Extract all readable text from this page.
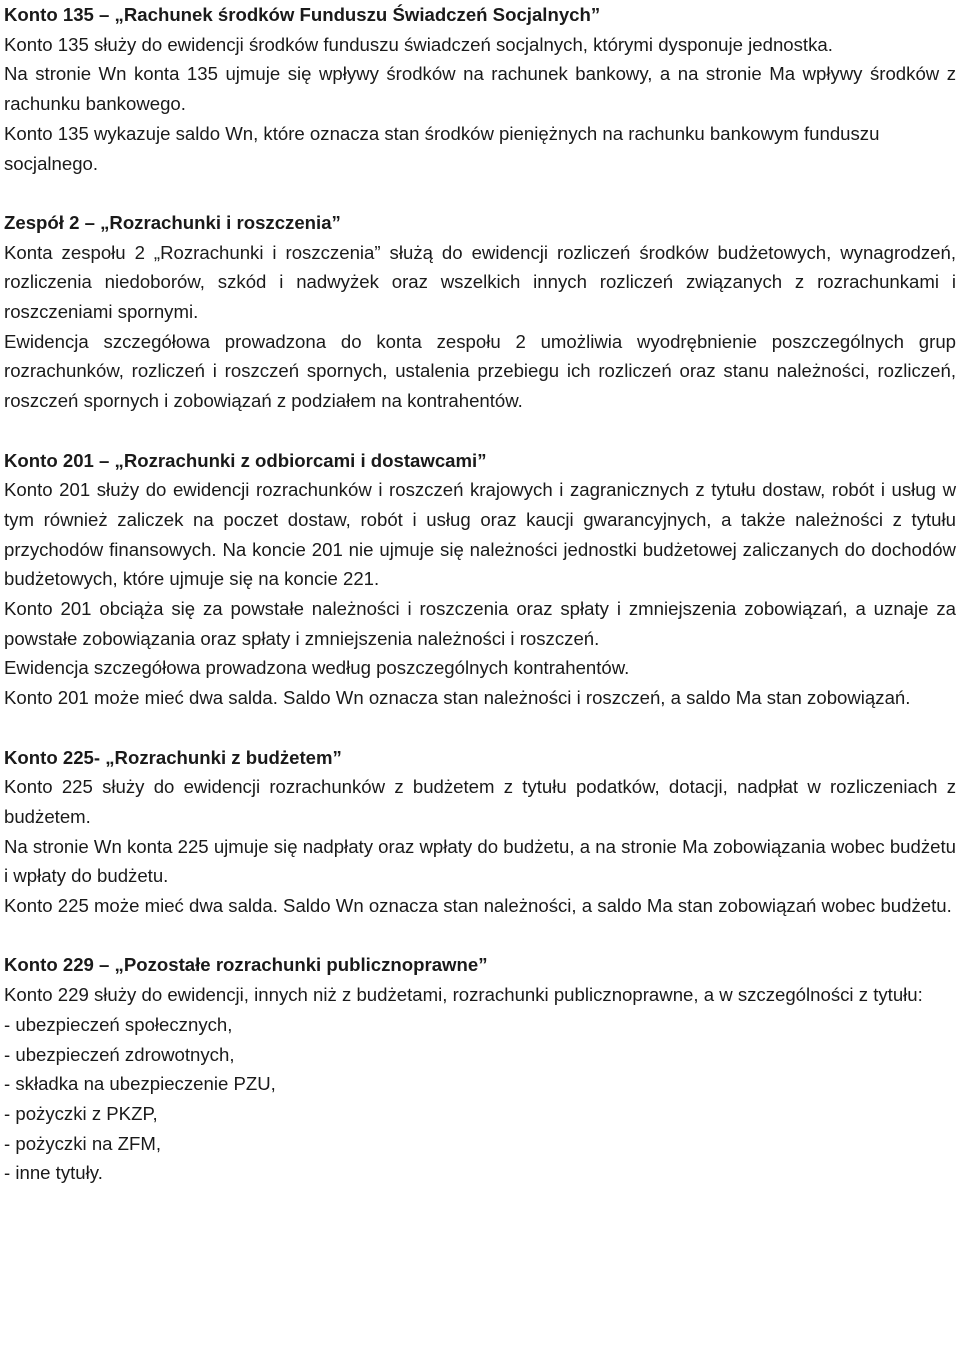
Konto 135 – „Rachunek środków Funduszu Świadczeń Socjalnych”

Konto 135 służy do ewidencji środków funduszu świadczeń socjalnych, którymi dysponuje jednostka.

Na stronie Wn konta 135 ujmuje się wpływy środków na rachunek bankowy, a na stronie Ma wpływy środków z rachunku bankowego.

Konto 135 wykazuje saldo Wn, które oznacza stan środków pieniężnych na rachunku bankowym funduszu socjalnego.

Zespół 2 – „Rozrachunki i roszczenia”

Konta zespołu 2 „Rozrachunki i roszczenia” służą do ewidencji rozliczeń środków budżetowych, wynagrodzeń, rozliczenia niedoborów, szkód i nadwyżek oraz wszelkich innych rozliczeń związanych z rozrachunkami i roszczeniami spornymi.

Ewidencja szczegółowa prowadzona do konta zespołu 2 umożliwia wyodrębnienie poszczególnych grup rozrachunków, rozliczeń i roszczeń spornych, ustalenia przebiegu ich rozliczeń oraz stanu należności, rozliczeń, roszczeń spornych i zobowiązań z podziałem na kontrahentów.

Konto 201 – „Rozrachunki z odbiorcami i dostawcami”

Konto 201 służy do ewidencji rozrachunków i roszczeń krajowych i zagranicznych z tytułu dostaw, robót i usług w tym również zaliczek na poczet dostaw, robót i usług oraz kaucji gwarancyjnych, a także należności z tytułu przychodów finansowych. Na koncie 201 nie ujmuje się należności jednostki budżetowej zaliczanych do dochodów budżetowych, które ujmuje się na koncie 221.

Konto 201 obciąża się za powstałe należności i roszczenia oraz spłaty i zmniejszenia zobowiązań, a uznaje za powstałe zobowiązania oraz spłaty i zmniejszenia należności i roszczeń.

Ewidencja szczegółowa prowadzona według poszczególnych kontrahentów.

Konto 201 może mieć dwa salda. Saldo Wn oznacza stan należności i roszczeń, a saldo Ma stan zobowiązań.

Konto 225- „Rozrachunki z budżetem”

Konto 225 służy do ewidencji rozrachunków z budżetem z tytułu podatków, dotacji, nadpłat w rozliczeniach z budżetem.

Na stronie Wn konta 225 ujmuje się nadpłaty oraz wpłaty do budżetu, a na stronie Ma zobowiązania wobec budżetu i wpłaty do budżetu.

Konto 225 może mieć dwa salda. Saldo Wn oznacza stan należności, a saldo Ma stan zobowiązań wobec budżetu.

Konto 229 – „Pozostałe rozrachunki publicznoprawne”

Konto 229 służy do ewidencji, innych niż z budżetami, rozrachunki publicznoprawne, a w szczególności z tytułu:

- ubezpieczeń społecznych,

- ubezpieczeń zdrowotnych,

- składka na ubezpieczenie PZU,

- pożyczki z PKZP,

- pożyczki na ZFM,

- inne tytuły.
